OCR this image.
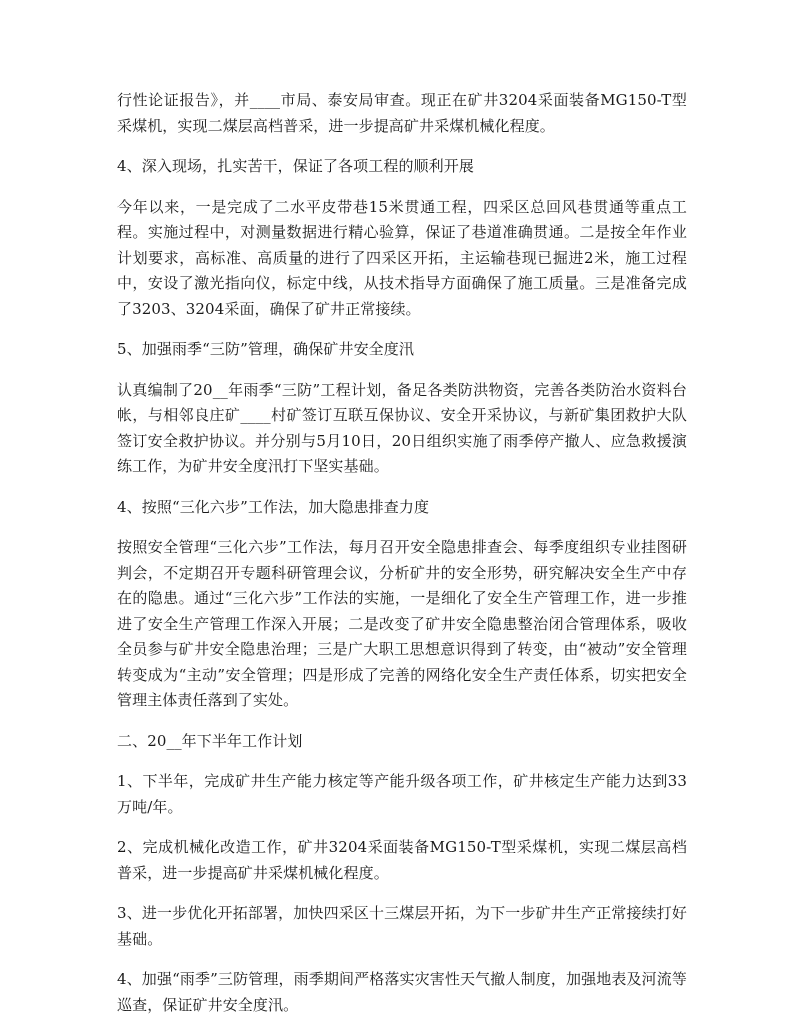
行性论证报告》，并____市局、泰安局审查。现正在矿井3204采面装备MG150-T型采煤机，实现二煤层高档普采，进一步提高矿井采煤机械化程度。

4、深入现场，扎实苦干，保证了各项工程的顺利开展

今年以来，一是完成了二水平皮带巷15米贯通工程，四采区总回风巷贯通等重点工程。实施过程中，对测量数据进行精心验算，保证了巷道准确贯通。二是按全年作业计划要求，高标准、高质量的进行了四采区开拓，主运输巷现已掘进2米，施工过程中，安设了激光指向仪，标定中线，从技术指导方面确保了施工质量。三是准备完成了3203、3204采面，确保了矿井正常接续。

5、加强雨季“三防”管理，确保矿井安全度汛

认真编制了20__年雨季“三防”工程计划，备足各类防洪物资，完善各类防治水资料台帐，与相邻良庄矿____村矿签订互联互保协议、安全开采协议，与新矿集团救护大队签订安全救护协议。并分别与5月10日，20日组织实施了雨季停产撤人、应急救援演练工作，为矿井安全度汛打下坚实基础。

4、按照“三化六步”工作法，加大隐患排查力度

按照安全管理“三化六步”工作法，每月召开安全隐患排查会、每季度组织专业挂图研判会，不定期召开专题科研管理会议，分析矿井的安全形势，研究解决安全生产中存在的隐患。通过“三化六步”工作法的实施，一是细化了安全生产管理工作，进一步推进了安全生产管理工作深入开展；二是改变了矿井安全隐患整治闭合管理体系，吸收全员参与矿井安全隐患治理；三是广大职工思想意识得到了转变，由“被动”安全管理转变成为“主动”安全管理；四是形成了完善的网络化安全生产责任体系，切实把安全管理主体责任落到了实处。

二、20__年下半年工作计划

1、下半年，完成矿井生产能力核定等产能升级各项工作，矿井核定生产能力达到33万吨/年。

2、完成机械化改造工作，矿井3204采面装备MG150-T型采煤机，实现二煤层高档普采，进一步提高矿井采煤机械化程度。

3、进一步优化开拓部署，加快四采区十三煤层开拓，为下一步矿井生产正常接续打好基础。

4、加强“雨季”三防管理，雨季期间严格落实灾害性天气撤人制度，加强地表及河流等巡查，保证矿井安全度汛。
